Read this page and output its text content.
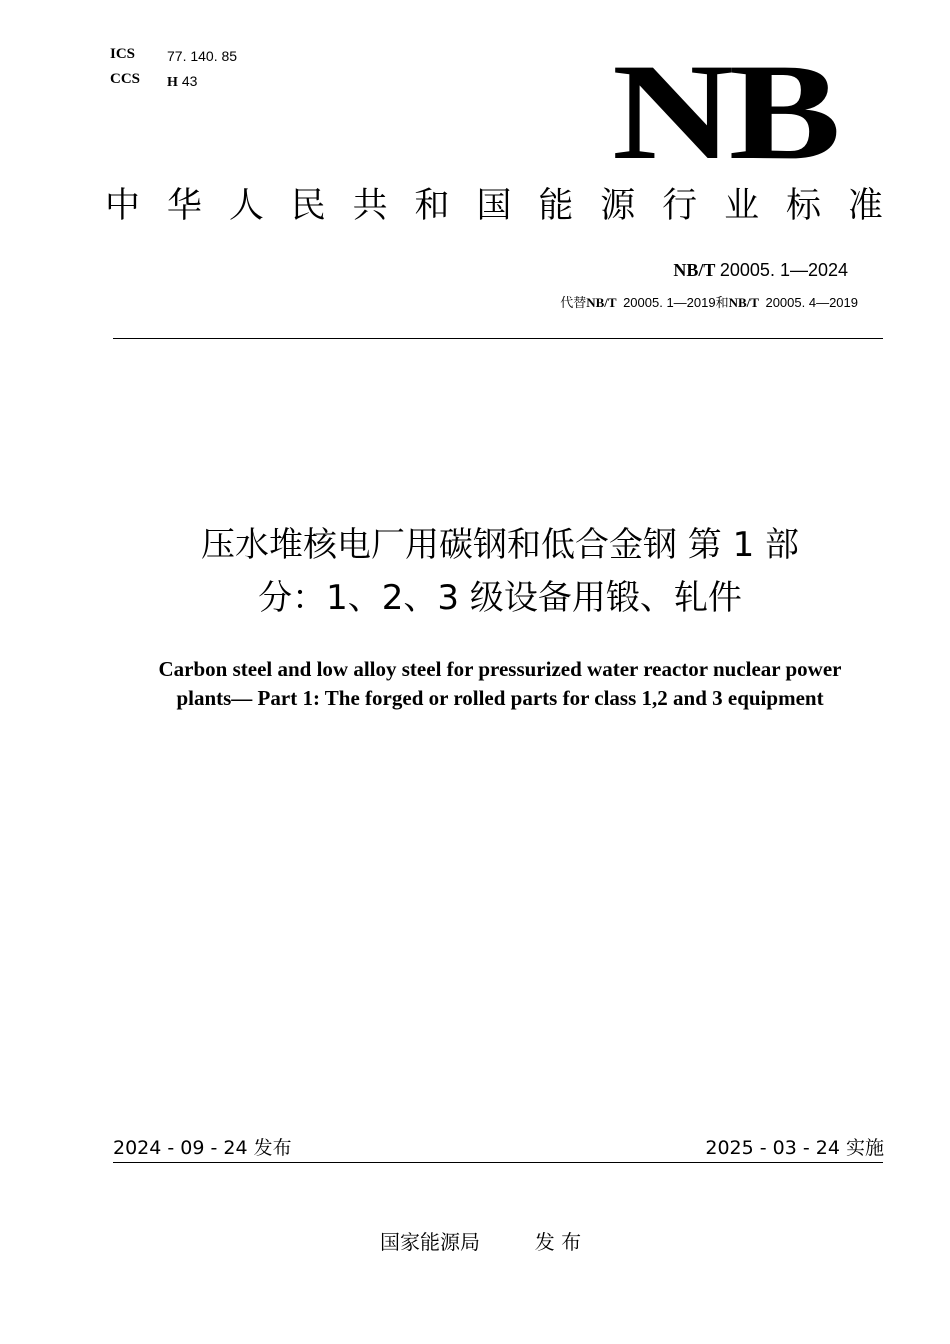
ICS 77. 140. 85
CCS H 43	NB
中 华 人 民 共 和 国 能 源 行 业 标 准
NB/T 20005. 1—2024
代替NB/T 20005. 1—2019和NB/T 20005. 4—2019
压水堆核电厂用碳钢和低合金钢 第 1 部
分：1、2、3 级设备用锻、轧件
Carbon steel and low alloy steel for pressurized water reactor nuclear power
plants— Part 1: The forged or rolled parts for class 1,2 and 3 equipment
2024 - 09 - 24 发布	2025 - 03 - 24 实施
国家能源局	发 布
